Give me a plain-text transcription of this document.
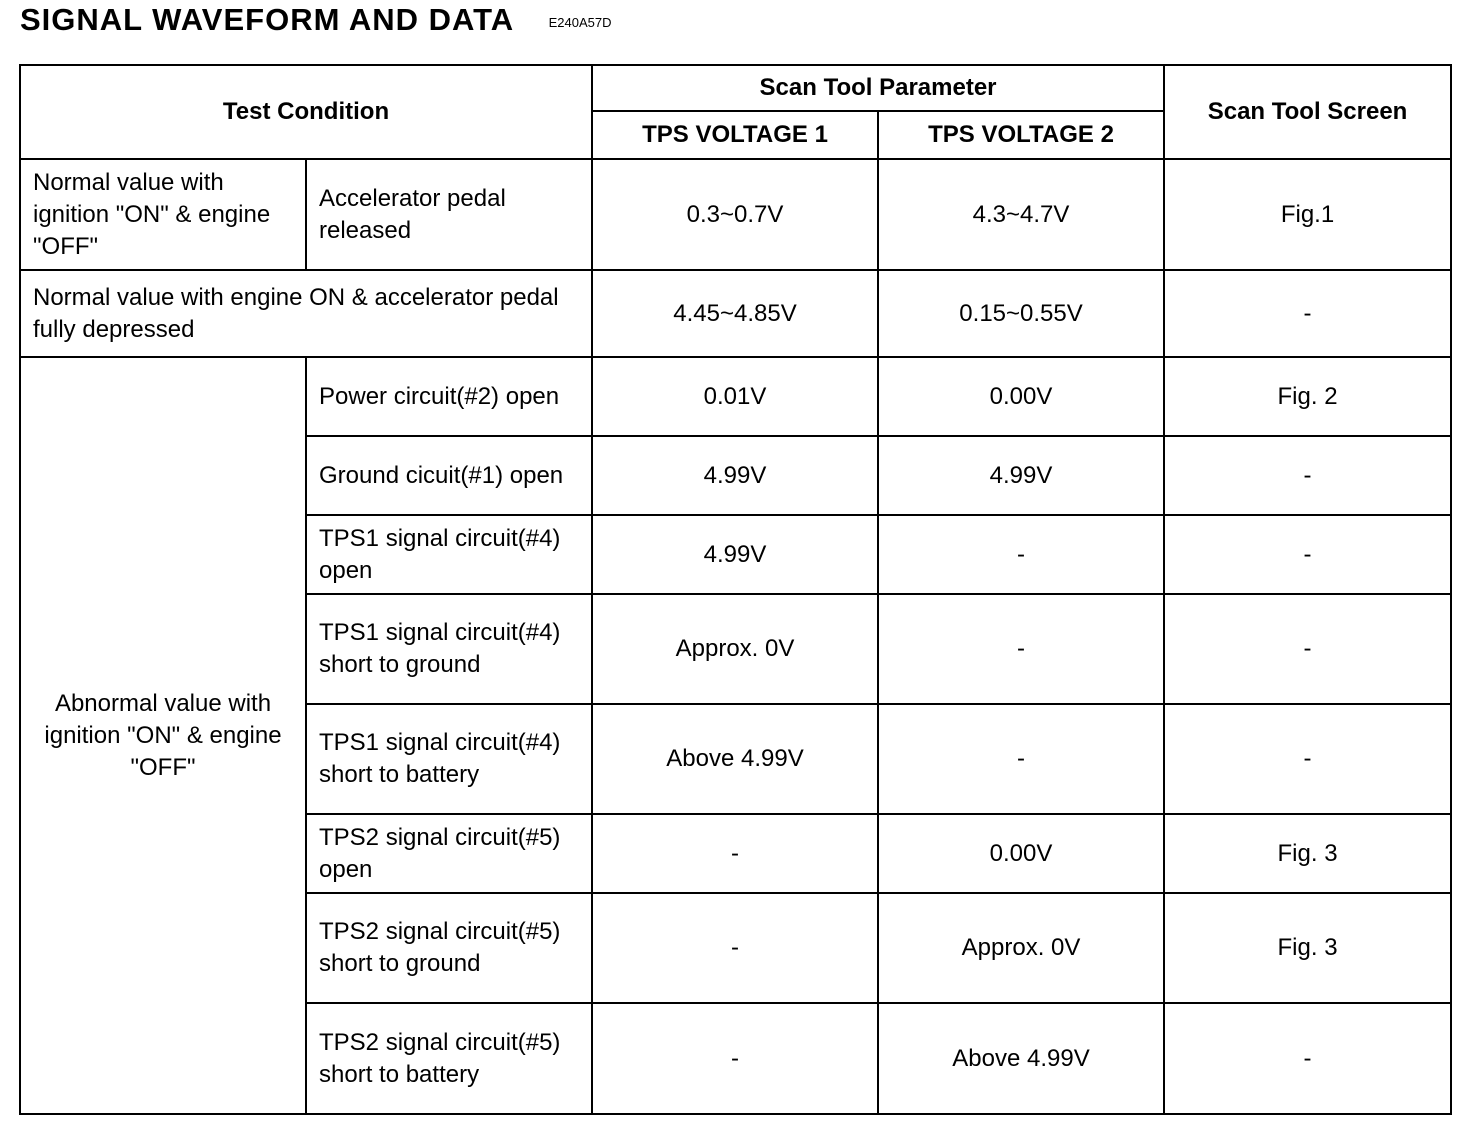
SIGNAL WAVEFORM AND DATA	E240A57D
Test Condition		Scan Tool Parameter		Scan Tool Screen
		TPS VOLTAGE 1	TPS VOLTAGE 2	
Normal value with ignition "ON" & engine "OFF"	Accelerator pedal released	0.3~0.7V	4.3~4.7V	Fig.1
Normal value with engine ON & accelerator pedal fully depressed		4.45~4.85V	0.15~0.55V	-
Abnormal value with ignition "ON" & engine "OFF"	Power circuit(#2) open	0.01V	0.00V	Fig. 2
	Ground cicuit(#1) open	4.99V	4.99V	-
	TPS1 signal circuit(#4) open	4.99V	-	-
	TPS1 signal circuit(#4) short to ground	Approx. 0V	-	-
	TPS1 signal circuit(#4) short to battery	Above 4.99V	-	-
	TPS2 signal circuit(#5) open	-	0.00V	Fig. 3
	TPS2 signal circuit(#5) short to ground	-	Approx. 0V	Fig. 3
	TPS2 signal circuit(#5) short to battery	-	Above 4.99V	-
